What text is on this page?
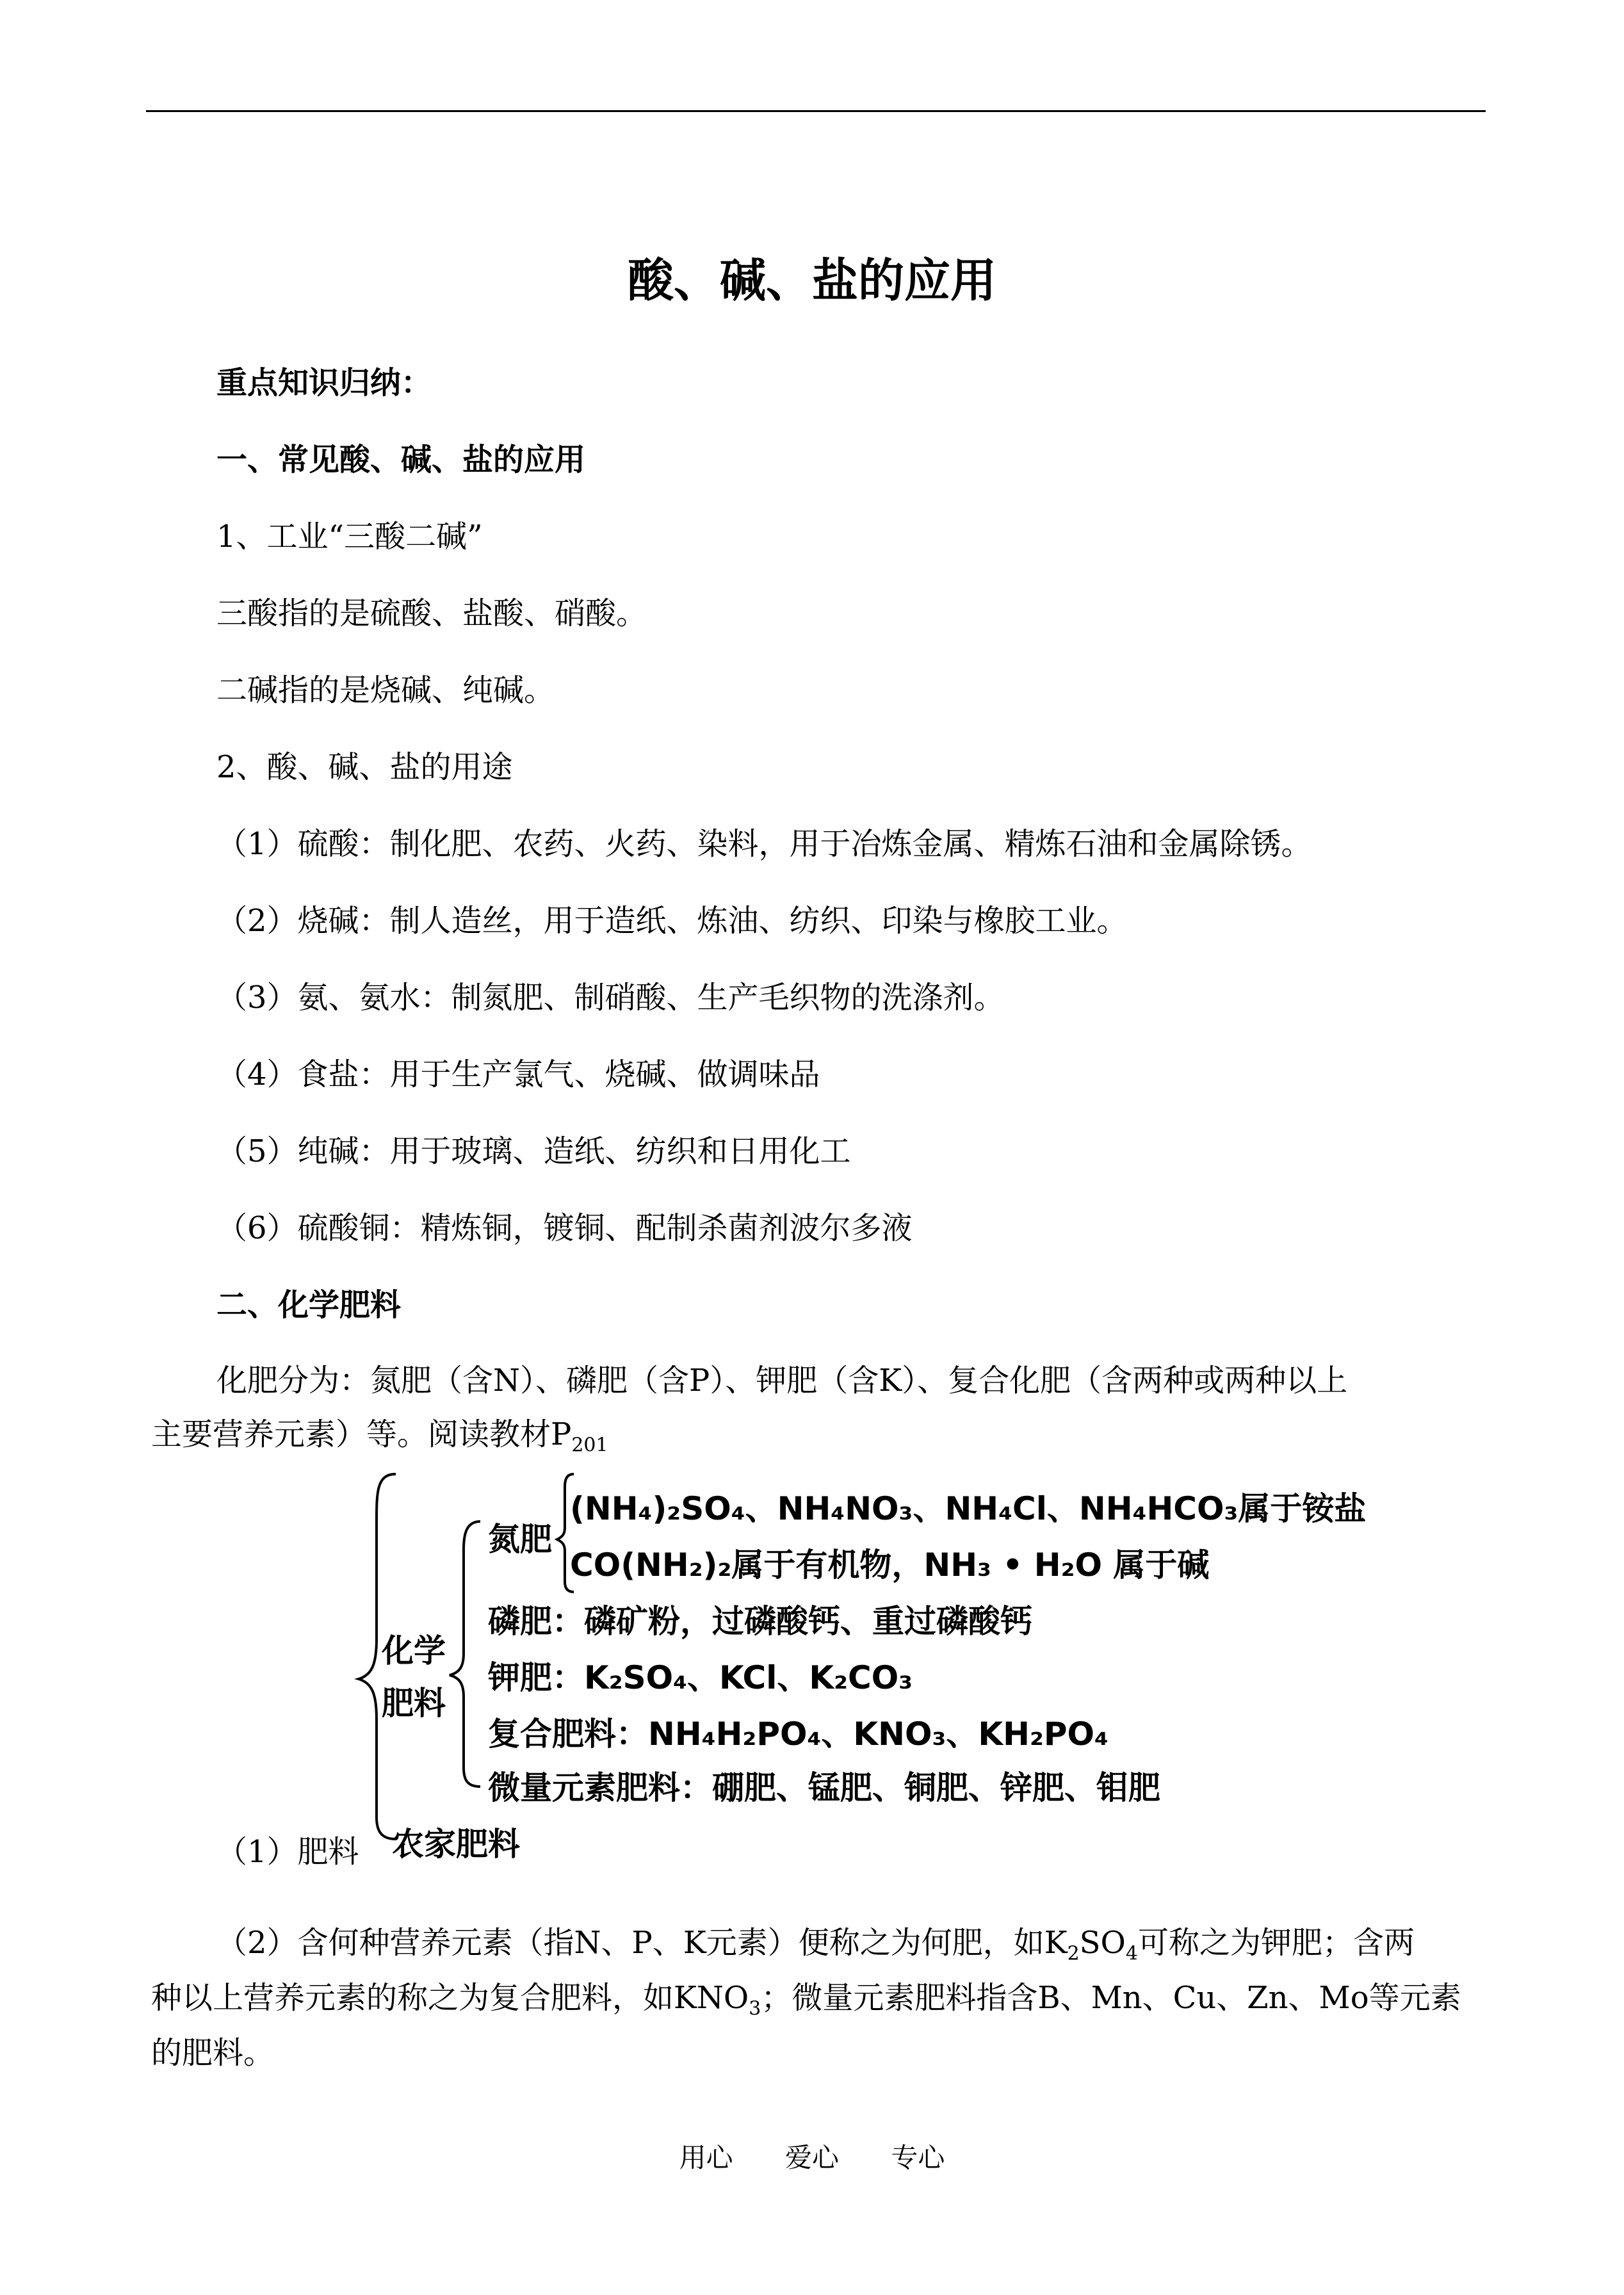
酸、碱、盐的应用
重点知识归纳：
一、常见酸、碱、盐的应用
1、工业“三酸二碱”
三酸指的是硫酸、盐酸、硝酸。
二碱指的是烧碱、纯碱。
2、酸、碱、盐的用途
（1）硫酸：制化肥、农药、火药、染料，用于冶炼金属、精炼石油和金属除锈。
（2）烧碱：制人造丝，用于造纸、炼油、纺织、印染与橡胶工业。
（3）氨、氨水：制氮肥、制硝酸、生产毛织物的洗涤剂。
（4）食盐：用于生产氯气、烧碱、做调味品
（5）纯碱：用于玻璃、造纸、纺织和日用化工
（6）硫酸铜：精炼铜，镀铜、配制杀菌剂波尔多液
二、化学肥料
化肥分为：氮肥（含N）、磷肥（含P）、钾肥（含K）、复合化肥（含两种或两种以上
主要营养元素）等。阅读教材$P_{201}$
化学
肥料
氮肥
(NH₄)₂SO₄、NH₄NO₃、NH₄Cl、NH₄HCO₃属于铵盐
CO(NH₂)₂属于有机物，NH₃ • H₂O 属于碱
磷肥：磷矿粉，过磷酸钙、重过磷酸钙
钾肥：K₂SO₄、KCl、K₂CO₃
复合肥料：NH₄H₂PO₄、KNO₃、KH₂PO₄
微量元素肥料：硼肥、锰肥、铜肥、锌肥、钼肥
农家肥料
（1）肥料
（2）含何种营养元素（指N、P、K元素）便称之为何肥，如$K_2SO_4$可称之为钾肥；含两
种以上营养元素的称之为复合肥料，如$KNO_3$；微量元素肥料指含B、Mn、Cu、Zn、Mo等元素
的肥料。
用心 爱心 专心
